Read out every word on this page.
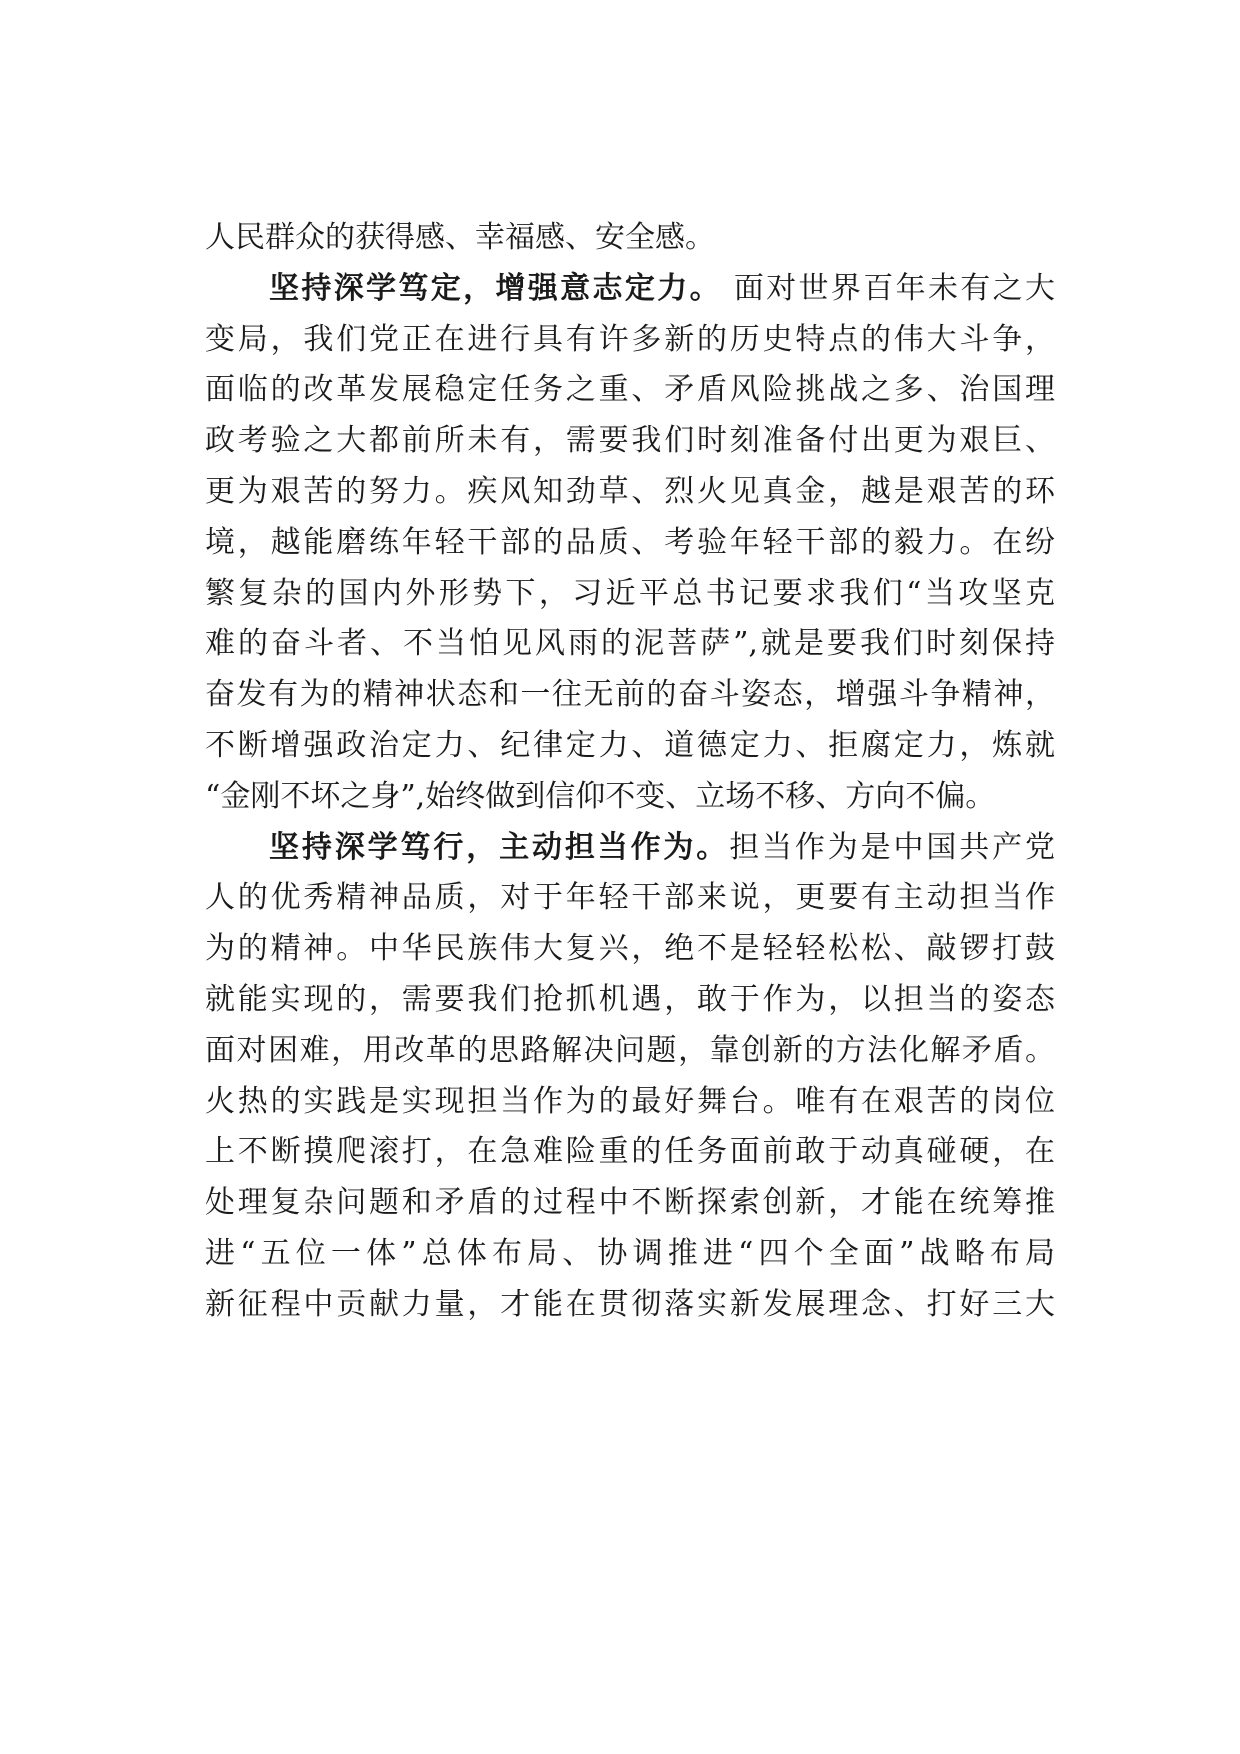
人民群众的获得感、幸福感、安全感。
坚持深学笃定，增强意志定力。 面对世界百年未有之大
变局，我们党正在进行具有许多新的历史特点的伟大斗争，
面临的改革发展稳定任务之重、矛盾风险挑战之多、治国理
政考验之大都前所未有，需要我们时刻准备付出更为艰巨、
更为艰苦的努力。疾风知劲草、烈火见真金，越是艰苦的环
境，越能磨练年轻干部的品质、考验年轻干部的毅力。在纷
繁复杂的国内外形势下，习近平总书记要求我们“当攻坚克
难的奋斗者、不当怕见风雨的泥菩萨”,就是要我们时刻保持
奋发有为的精神状态和一往无前的奋斗姿态，增强斗争精神，
不断增强政治定力、纪律定力、道德定力、拒腐定力，炼就
“金刚不坏之身”,始终做到信仰不变、立场不移、方向不偏。
坚持深学笃行，主动担当作为。担当作为是中国共产党
人的优秀精神品质，对于年轻干部来说，更要有主动担当作
为的精神。中华民族伟大复兴，绝不是轻轻松松、敲锣打鼓
就能实现的，需要我们抢抓机遇，敢于作为，以担当的姿态
面对困难，用改革的思路解决问题，靠创新的方法化解矛盾。
火热的实践是实现担当作为的最好舞台。唯有在艰苦的岗位
上不断摸爬滚打，在急难险重的任务面前敢于动真碰硬，在
处理复杂问题和矛盾的过程中不断探索创新，才能在统筹推
进“五位一体”总体布局、协调推进“四个全面”战略布局
新征程中贡献力量，才能在贯彻落实新发展理念、打好三大
